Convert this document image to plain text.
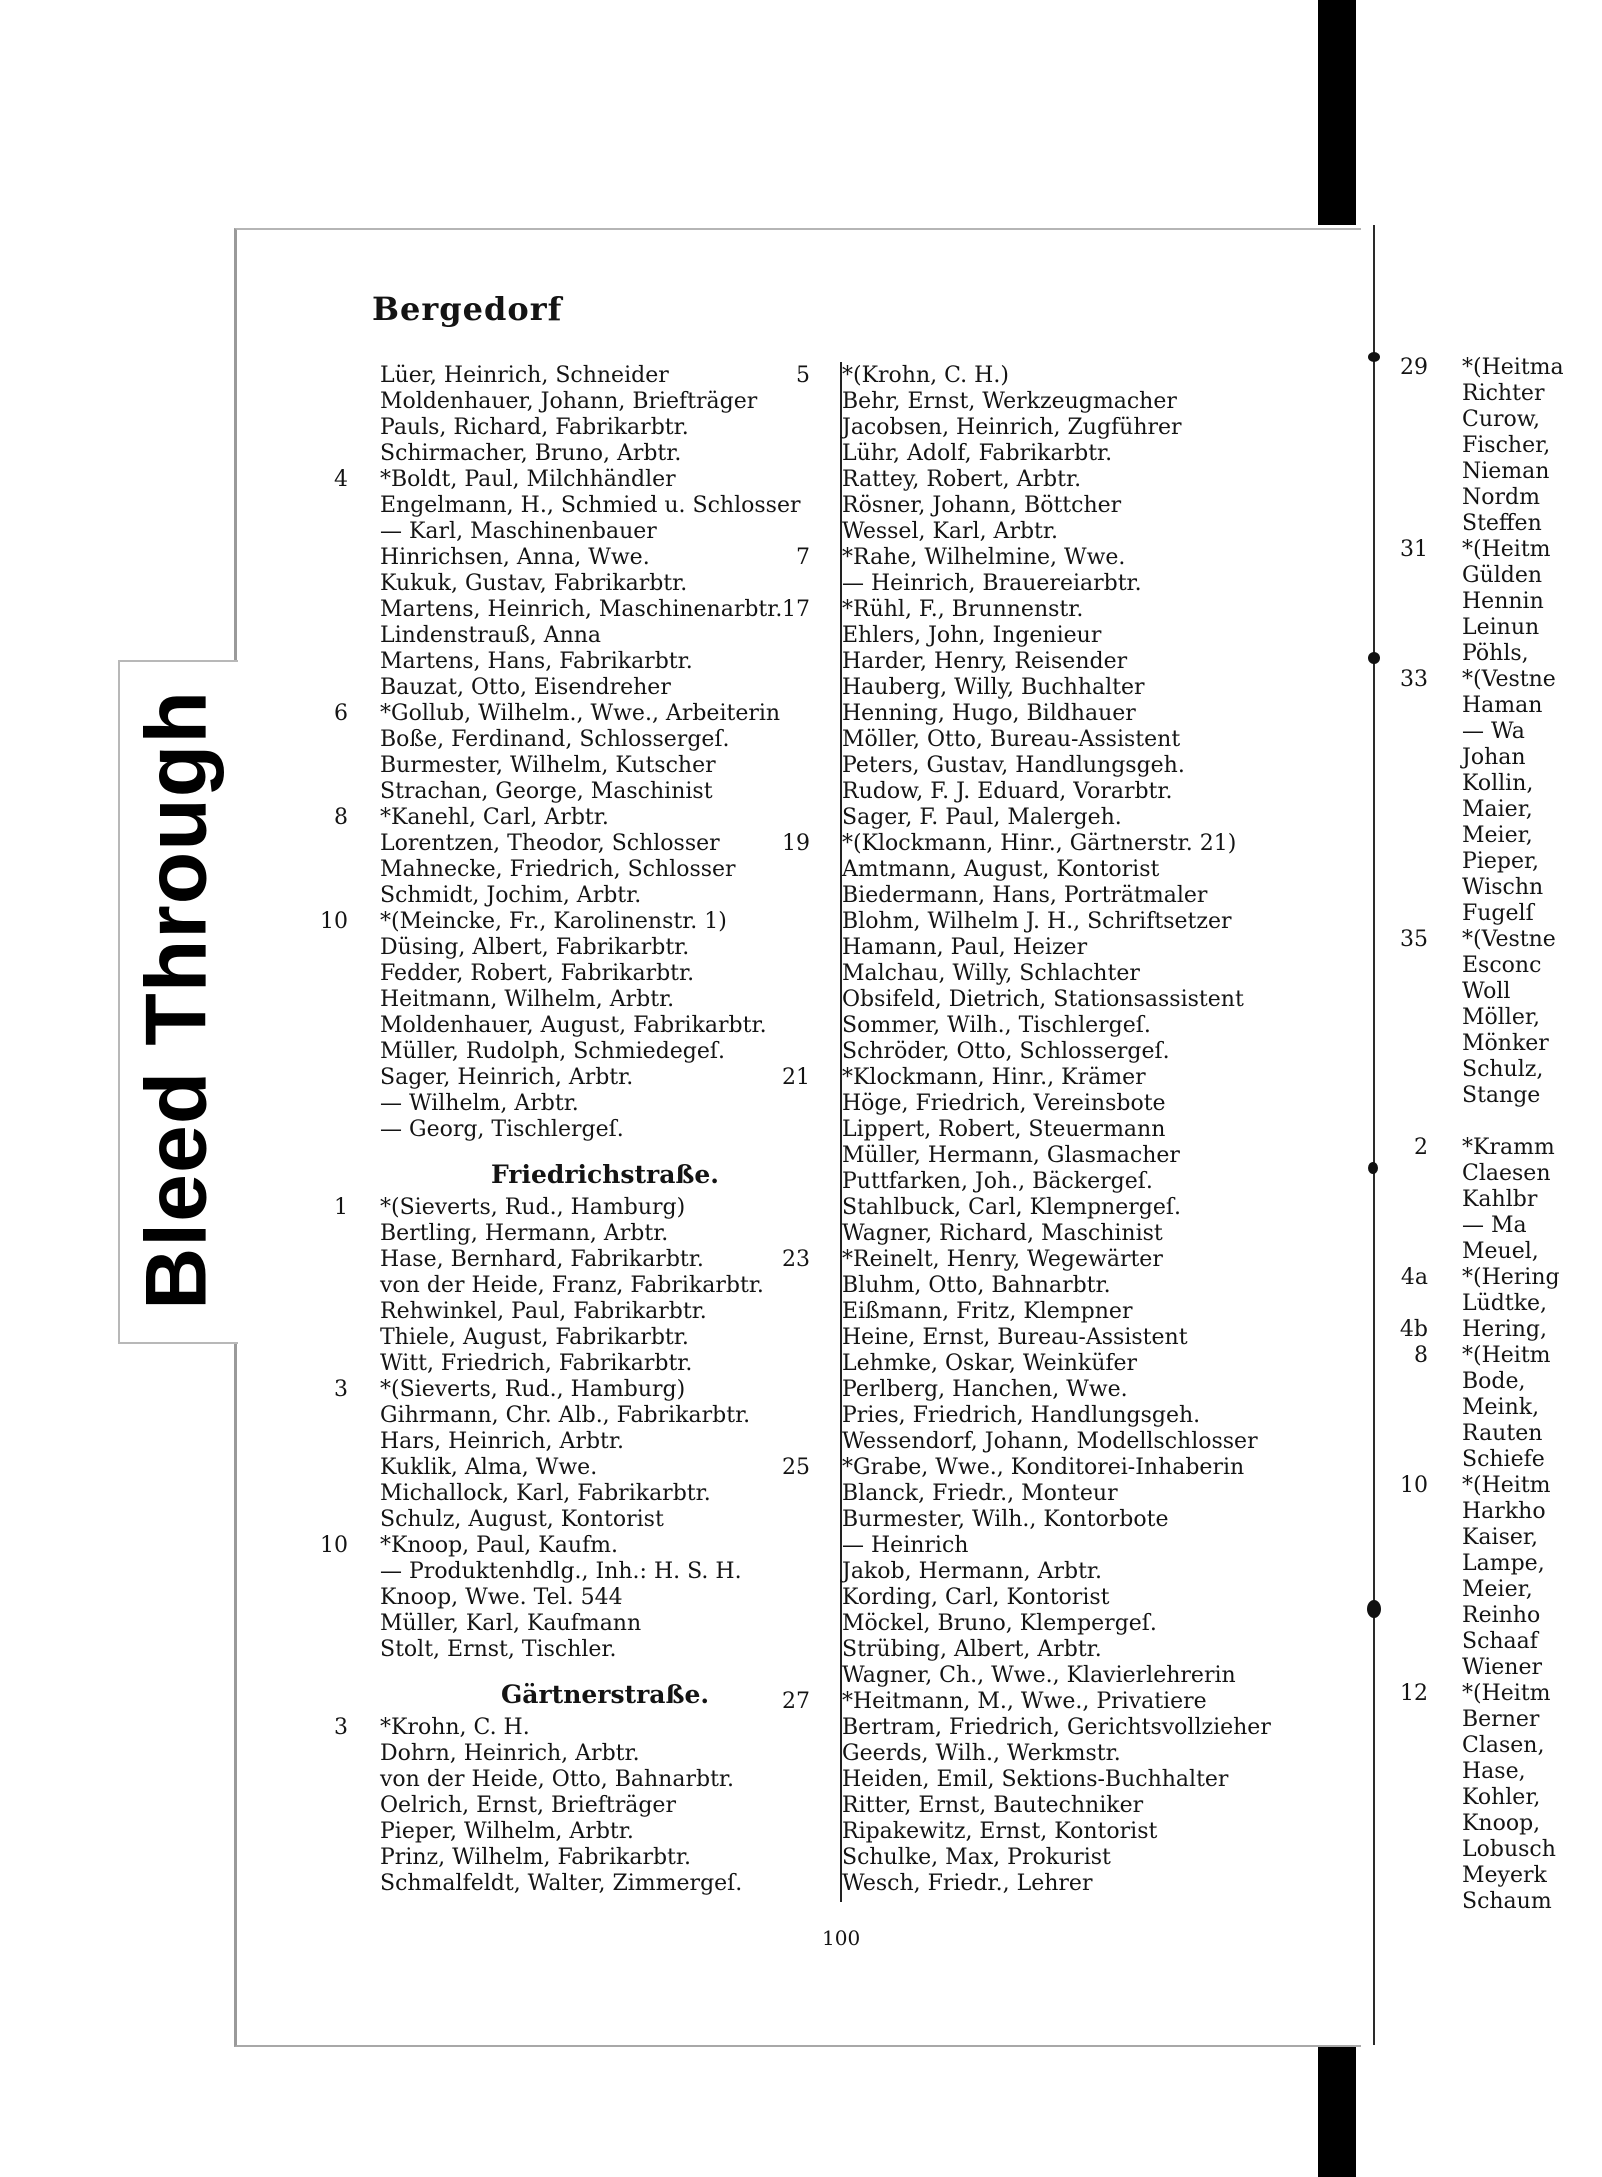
Bleed Through
Bergedorf
Lüer, Heinrich, Schneider
Moldenhauer, Johann, Briefträger
Pauls, Richard, Fabrikarbtr.
Schirmacher, Bruno, Arbtr.
4 *Boldt, Paul, Milchhändler
Engelmann, H., Schmied u. Schlosser
— Karl, Maschinenbauer
Hinrichsen, Anna, Wwe.
Kukuk, Gustav, Fabrikarbtr.
Martens, Heinrich, Maschinenarbtr.
Lindenstrauß, Anna
Martens, Hans, Fabrikarbtr.
Bauzat, Otto, Eisendreher
6 *Gollub, Wilhelm., Wwe., Arbeiterin
Boße, Ferdinand, Schlossergeſ.
Burmester, Wilhelm, Kutscher
Strachan, George, Maschinist
8 *Kanehl, Carl, Arbtr.
Lorentzen, Theodor, Schlosser
Mahnecke, Friedrich, Schlosser
Schmidt, Jochim, Arbtr.
10 *(Meincke, Fr., Karolinenstr. 1)
Düsing, Albert, Fabrikarbtr.
Fedder, Robert, Fabrikarbtr.
Heitmann, Wilhelm, Arbtr.
Moldenhauer, August, Fabrikarbtr.
Müller, Rudolph, Schmiedegeſ.
Sager, Heinrich, Arbtr.
— Wilhelm, Arbtr.
— Georg, Tischlergeſ.
Friedrichstraße.
1 *(Sieverts, Rud., Hamburg)
Bertling, Hermann, Arbtr.
Hase, Bernhard, Fabrikarbtr.
von der Heide, Franz, Fabrikarbtr.
Rehwinkel, Paul, Fabrikarbtr.
Thiele, August, Fabrikarbtr.
Witt, Friedrich, Fabrikarbtr.
3 *(Sieverts, Rud., Hamburg)
Gihrmann, Chr. Alb., Fabrikarbtr.
Hars, Heinrich, Arbtr.
Kuklik, Alma, Wwe.
Michallock, Karl, Fabrikarbtr.
Schulz, August, Kontorist
10 *Knoop, Paul, Kaufm.
— Produktenhdlg., Inh.: H. S. H.
Knoop, Wwe. Tel. 544
Müller, Karl, Kaufmann
Stolt, Ernst, Tischler.
Gärtnerstraße.
3 *Krohn, C. H.
Dohrn, Heinrich, Arbtr.
von der Heide, Otto, Bahnarbtr.
Oelrich, Ernst, Briefträger
Pieper, Wilhelm, Arbtr.
Prinz, Wilhelm, Fabrikarbtr.
Schmalfeldt, Walter, Zimmergeſ.
5 *(Krohn, C. H.)
Behr, Ernst, Werkzeugmacher
Jacobsen, Heinrich, Zugführer
Lühr, Adolf, Fabrikarbtr.
Rattey, Robert, Arbtr.
Rösner, Johann, Böttcher
Wessel, Karl, Arbtr.
7 *Rahe, Wilhelmine, Wwe.
— Heinrich, Brauereiarbtr.
17 *Rühl, F., Brunnenstr.
Ehlers, John, Ingenieur
Harder, Henry, Reisender
Hauberg, Willy, Buchhalter
Henning, Hugo, Bildhauer
Möller, Otto, Bureau-Assistent
Peters, Gustav, Handlungsgeh.
Rudow, F. J. Eduard, Vorarbtr.
Sager, F. Paul, Malergeh.
19 *(Klockmann, Hinr., Gärtnerstr. 21)
Amtmann, August, Kontorist
Biedermann, Hans, Porträtmaler
Blohm, Wilhelm J. H., Schriftsetzer
Hamann, Paul, Heizer
Malchau, Willy, Schlachter
Obsifeld, Dietrich, Stationsassistent
Sommer, Wilh., Tischlergeſ.
Schröder, Otto, Schlossergeſ.
21 *Klockmann, Hinr., Krämer
Höge, Friedrich, Vereinsbote
Lippert, Robert, Steuermann
Müller, Hermann, Glasmacher
Puttfarken, Joh., Bäckergeſ.
Stahlbuck, Carl, Klempnergeſ.
Wagner, Richard, Maschinist
23 *Reinelt, Henry, Wegewärter
Bluhm, Otto, Bahnarbtr.
Eißmann, Fritz, Klempner
Heine, Ernst, Bureau-Assistent
Lehmke, Oskar, Weinküfer
Perlberg, Hanchen, Wwe.
Pries, Friedrich, Handlungsgeh.
Wessendorf, Johann, Modellschlosser
25 *Grabe, Wwe., Konditorei-Inhaberin
Blanck, Friedr., Monteur
Burmester, Wilh., Kontorbote
— Heinrich
Jakob, Hermann, Arbtr.
Kording, Carl, Kontorist
Möckel, Bruno, Klempergeſ.
Strübing, Albert, Arbtr.
Wagner, Ch., Wwe., Klavierlehrerin
27 *Heitmann, M., Wwe., Privatiere
Bertram, Friedrich, Gerichtsvollzieher
Geerds, Wilh., Werkmstr.
Heiden, Emil, Sektions-Buchhalter
Ritter, Ernst, Bautechniker
Ripakewitz, Ernst, Kontorist
Schulke, Max, Prokurist
Wesch, Friedr., Lehrer
29 *(Heitma
Richter
Curow,
Fischer,
Nieman
Nordm
Steffen
31 *(Heitm
Gülden
Hennin
Leinun
Pöhls,
33 *(Vestne
Haman
— Wa
Johan
Kollin,
Maier,
Meier,
Pieper,
Wischn
Fugelſ
35 *(Vestne
Esconc
Woll
Möller,
Mönker
Schulz,
Stange
2 *Kramm
Claesen
Kahlbr
— Ma
Meuel,
4a *(Hering
Lüdtke,
4b Hering,
8 *(Heitm
Bode,
Meink,
Rauten
Schiefe
10 *(Heitm
Harkho
Kaiser,
Lampe,
Meier,
Reinho
Schaaf
Wiener
12 *(Heitm
Berner
Clasen,
Hase,
Kohler,
Knoop,
Lobusch
Meyerk
Schaum
100
